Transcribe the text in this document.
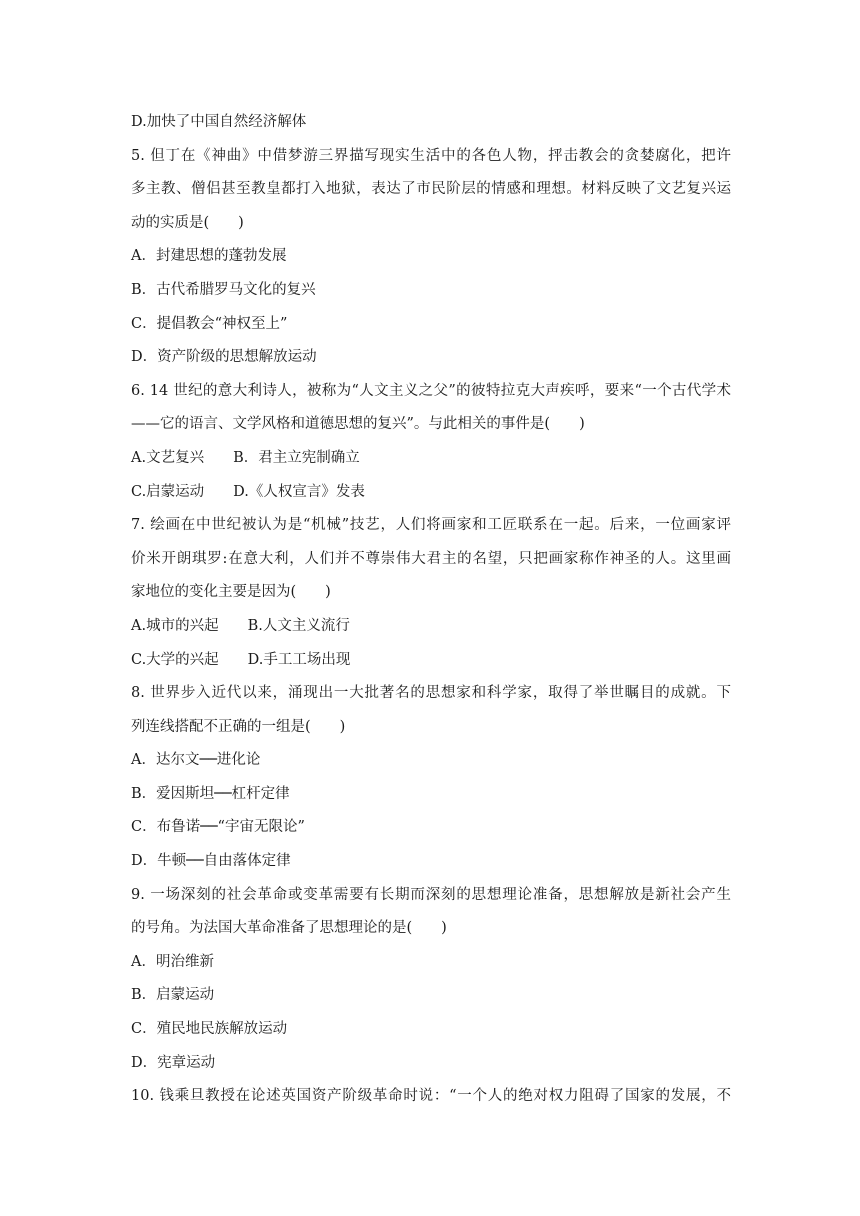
D.加快了中国自然经济解体
5. 但丁在《神曲》中借梦游三界描写现实生活中的各色人物，抨击教会的贪婪腐化，把许
多主教、僧侣甚至教皇都打入地狱，表达了市民阶层的情感和理想。材料反映了文艺复兴运
动的实质是(　　)
A．封建思想的蓬勃发展
B．古代希腊罗马文化的复兴
C．提倡教会“神权至上”
D．资产阶级的思想解放运动
6. 14 世纪的意大利诗人，被称为“人文主义之父”的彼特拉克大声疾呼，要来“一个古代学术
——它的语言、文学风格和道德思想的复兴”。与此相关的事件是(　　)
A.文艺复兴　　B．君主立宪制确立
C.启蒙运动　　D.《人权宣言》发表
7. 绘画在中世纪被认为是“机械”技艺，人们将画家和工匠联系在一起。后来，一位画家评
价米开朗琪罗:在意大利，人们并不尊崇伟大君主的名望，只把画家称作神圣的人。这里画
家地位的变化主要是因为(　　)
A.城市的兴起　　B.人文主义流行
C.大学的兴起　　D.手工工场出现
8. 世界步入近代以来，涌现出一大批著名的思想家和科学家，取得了举世瞩目的成就。下
列连线搭配不正确的一组是(　　)
A．达尔文──进化论
B．爱因斯坦──杠杆定律
C．布鲁诺──“宇宙无限论”
D．牛顿──自由落体定律
9. 一场深刻的社会革命或变革需要有长期而深刻的思想理论准备，思想解放是新社会产生
的号角。为法国大革命准备了思想理论的是(　　)
A．明治维新
B．启蒙运动
C．殖民地民族解放运动
D．宪章运动
10. 钱乘旦教授在论述英国资产阶级革命时说：“一个人的绝对权力阻碍了国家的发展，不
